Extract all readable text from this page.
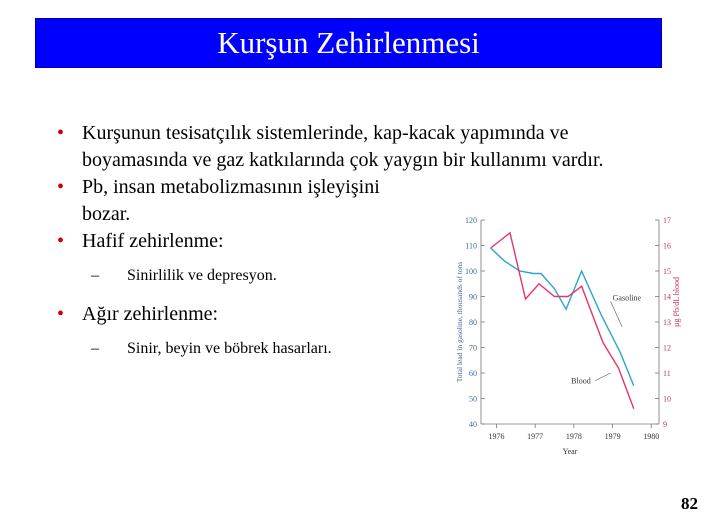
Kurşun Zehirlenmesi
• Kurşunun tesisatçılık sistemlerinde, kap-kacak yapımında ve boyamasında ve gaz katkılarında çok yaygın bir kullanımı vardır.
• Pb, insan metabolizmasının işleyişini bozar.
• Hafif zehirlenme:
– Sinirlilik ve depresyon.
• Ağır zehirlenme:
– Sinir, beyin ve böbrek hasarları.
40
50
60
70
80
90
100
110
120
9
10
11
12
13
14
15
16
17
1976	1977	1978	1979	1980
Year
Total lead in gasoline, thousands of tons	µg Pb/dL blood
Gasoline
Blood
82
